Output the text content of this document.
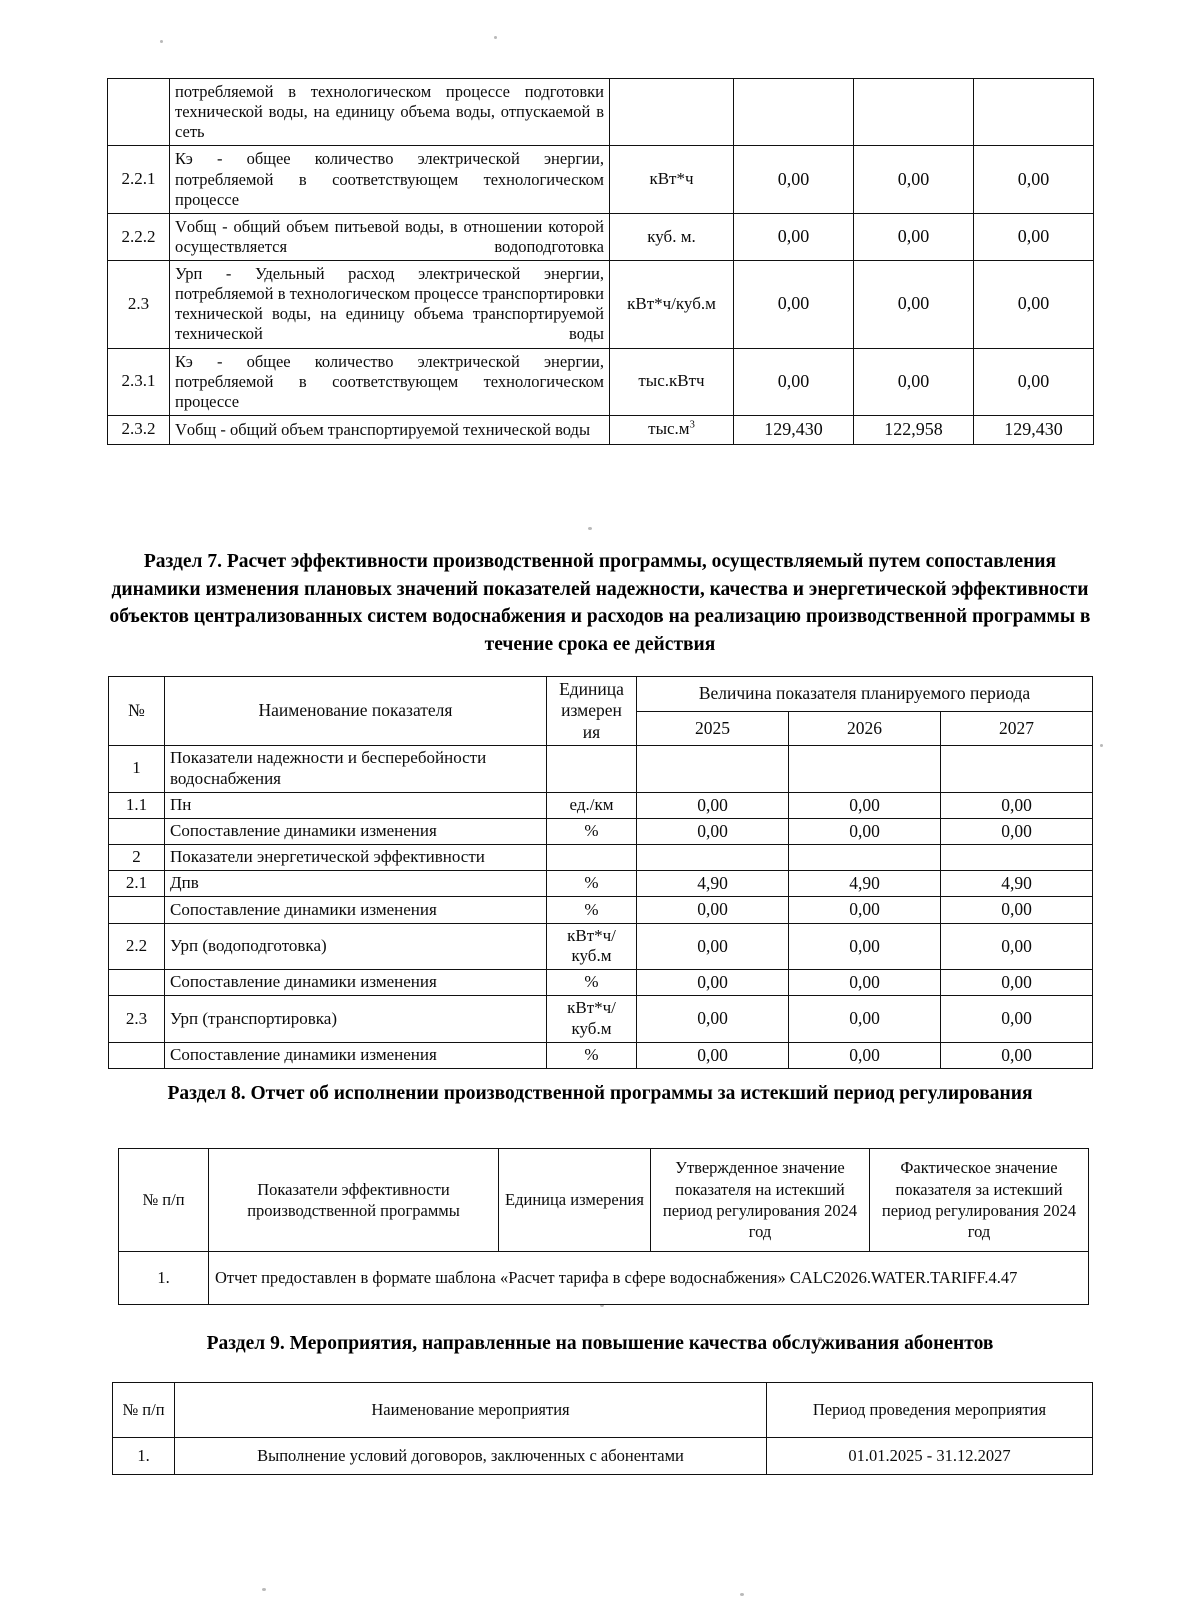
	потребляемой в технологическом процессе подготовки технической воды, на единицу объема воды, отпускаемой в сеть				
2.2.1	Кэ - общее количество электрической энергии, потребляемой в соответствующем технологическом процессе	кВт*ч	0,00	0,00	0,00
2.2.2	Vобщ - общий объем питьевой воды, в отношении которой осуществляется водоподготовка	куб. м.	0,00	0,00	0,00
2.3	Урп - Удельный расход электрической энергии, потребляемой в технологическом процессе транспортировки технической воды, на единицу объема транспортируемой технической воды	кВт*ч/куб.м	0,00	0,00	0,00
2.3.1	Кэ - общее количество электрической энергии, потребляемой в соответствующем технологическом процессе	тыс.кВтч	0,00	0,00	0,00
2.3.2	Vобщ - общий объем транспортируемой технической воды	$тыс.м^3$	129,430	122,958	129,430
Раздел 7. Расчет эффективности производственной программы, осуществляемый путем сопоставления динамики изменения плановых значений показателей надежности, качества и энергетической эффективности объектов централизованных систем водоснабжения и расходов на реализацию производственной программы в течение срока ее действия
№	Наименование показателя	Единица измерен ия	Величина показателя планируемого периода		
			2025	2026	2027
1	Показатели надежности и бесперебойности водоснабжения				
1.1	Пн	ед./км	0,00	0,00	0,00
	Сопоставление динамики изменения	%	0,00	0,00	0,00
2	Показатели энергетической эффективности				
2.1	Дпв	%	4,90	4,90	4,90
	Сопоставление динамики изменения	%	0,00	0,00	0,00
2.2	Урп (водоподготовка)	кВт*ч/куб.м	0,00	0,00	0,00
	Сопоставление динамики изменения	%	0,00	0,00	0,00
2.3	Урп (транспортировка)	кВт*ч/куб.м	0,00	0,00	0,00
	Сопоставление динамики изменения	%	0,00	0,00	0,00
Раздел 8. Отчет об исполнении производственной программы за истекший период регулирования
№ п/п	Показатели эффективности производственной программы	Единица измерения	Утвержденное значение показателя на истекший период регулирования 2024 год	Фактическое значение показателя за истекший период регулирования 2024 год
1.	Отчет предоставлен в формате шаблона «Расчет тарифа в сфере водоснабжения» CALC2026.WATER.TARIFF.4.47			
Раздел 9. Мероприятия, направленные на повышение качества обслуживания абонентов
№ п/п	Наименование мероприятия	Период проведения мероприятия
1.	Выполнение условий договоров, заключенных с абонентами	01.01.2025 - 31.12.2027
